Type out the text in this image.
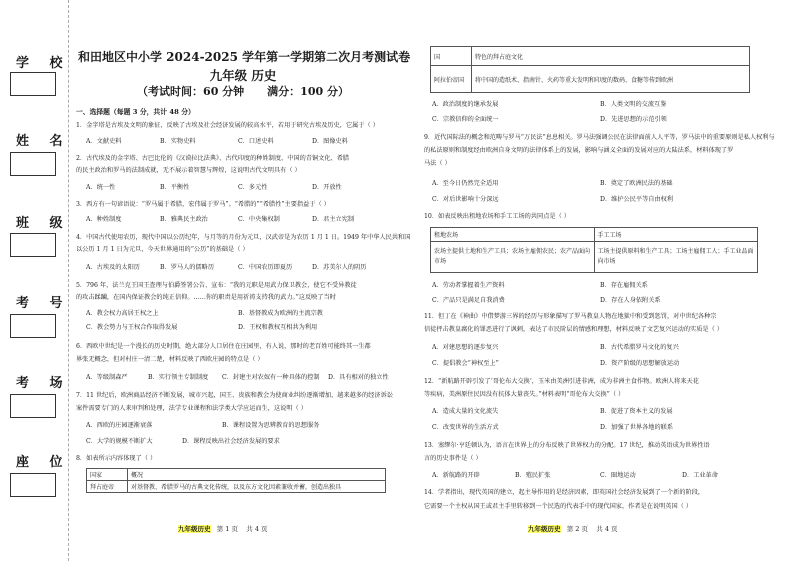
学 校
姓 名
班 级
考 号
考 场
座 位
和田地区中小学 2024-2025 学年第一学期第二次月考测试卷
九年级 历史
（考试时间：60 分钟      满分：100 分）
一、选择题（每题 3 分，共计 48 分）
1．金字塔是古埃及文明的象征，反映了古埃及社会经济发展的较高水平，若用于研究古埃及历史，它属于（ ）
A．文献史料	B．实物史料	C．口述史料	D．图像史料
2．古代埃及的金字塔、古巴比伦的《汉谟拉比法典》、古代印度的种姓制度、中国的青铜文化、希腊
的民主政治和罗马的法制成就，无不展示着智慧与辉煌，这说明古代文明具有（ ）
A．统一性	B．平衡性	C．多元性	D．开放性
3．西方有一句谚语说：“罗马属于希腊，宏伟属于罗马”。“希腊的”“希腊性”主要指益于（ ）
A．种姓制度	B．雅典民主政治	C．中央集权制	D．君主立宪制
4．中国古代使用农历，现代中国以公历纪年，与月等的月份为元旦，汉武帝是为农历 1 月 1 日。1949 年中华人民共和国
以公历 1 月 1 日为元旦，今天世界通用的“公历”的基础是（ ）
A．古埃及的太阳历	B．罗马人的儒略历	C．中国农历即夏历	D．苏美尔人的阴历
5．796 年，法兰克王国王查理与伯爵签署公告、宣布：“我的元职是用武力保卫教会，使它不受异教徒
的攻击蹂躏，在国内保证教会的纯正信仰。……你的职责是用祈祷支持我的武力。”这反映了当时
A．教会权力高居王权之上	B．基督教成为欧洲的主流宗教
C．教会势力与王权合作取得发展	D．王权和教权互相共为利用
6．西欧中世纪是一个漫长的历史时期，绝大部分人口居住在庄园里，有人说，那时的老百姓可能终其一生都
界张无概念，但对村庄一清二楚，材料反映了西欧庄园的特点是（ ）
A．等级制森严	B．实行领主专制制度 C．封建主对农奴有一种具体的控制 D．具有相对的独立性
7．11 世纪后，欧洲商品经济不断发展，城市兴起，国王、贵族和教会为使商业纠纷逐渐增加，越来越多的经济诉讼
案件需要专门的人来审判和处理，法学专业课程和法学类大学应运而生，这说明（ ）
A．西欧的庄园逐渐衰落	B．课程设置为思辨教育的思想服务
C．大学的规模不断扩大	D．课程反映出社会经济发展的要求
8．如表所示内容体现了（ ）
国家	概况
拜占庭帝	对基督教、希腊罗马的古典文化传统，以及东方文化因素兼收并蓄，创造出独具
九年级历史 第 1 页 共 4 页
国	特色的拜占庭文化
阿拉伯帝国	将中国的造纸术、指南针、火药等重大发明和印度的数码、食糖等传到欧洲
A．政治制度的继承发展	B．人类文明的交流互鉴
C．宗教信仰的全面统一	D．先进思想的示范引领
9．近代国际法的概念和范畴与罗马“万民法”息息相关。罗马法强调公民在法律面前人人平等，罗马法中的重要原则是私人权利与
的私法原则和制度经由欧洲自身文明的法律体系上的发展，影响与涵义全面的发展对应的大陆法系，材料体现了罗
马法（ ）
A．至今日仍然完全适用	B．奠定了欧洲民法的基础
C．对后世影响十分深远	D．维护公民平等自由权利
10．如表反映出租地农场和手工工场的共同点是（ ）
租地农场	手工工场
农场主提供土地和生产工具；农场主雇佣农民；农产品面向市场	工场主提供原料和生产工具；工场主雇佣工人；手工业品面向市场
A．劳动者掌握着生产资料	B．存在雇佣关系
C．产品只是满足自我消费	D．存在人身依附关系
11．但丁在《神曲》中借梦游三界的经历与形象描写了罗马教皇人物在地狱中和受到惩罚，对中世纪各种宗
信徒抨击教皇腐化的罪恶进行了讽刺，表达了市民阶层的情感和理想，材料反映了文艺复兴运动的实质是（ ）
A．对建思想的逐步复兴	B．古代希腊罗马文化的复兴
C．提倡教会“神权至上”	D．资产阶级的思想解放运动
12．“新航路开辟引发了‘哥伦布大交换’，玉米由美洲引进非洲，成为非洲主食作物。欧洲人将来天花
等疾病，美洲原住民因没有抗体大量丧失。”材料表明“哥伦布大交换”（ ）
A．造成大量的文化流失	B．促进了资本主义的发展
C．改变世界的生活方式	D．加强了世界各地的联系
13．塞缪尔·亨廷顿认为，语言在世界上的分布反映了世界权力的分配。17 世纪，推动英语成为世界性语
言的历史事件是（ ）
A．新航路的开辟	B．殖民扩张	C．圈地运动	D．工业革命
14．学者指出，现代英国的建立，起主导作用的是经济因素，即英国社会经济发展到了一个新的阶段，
它需要一个主权从国王或君主手里转移到一个民选的代表手中的现代国家，作者是在说明英国（ ）
九年级历史 第 2 页 共 4 页
